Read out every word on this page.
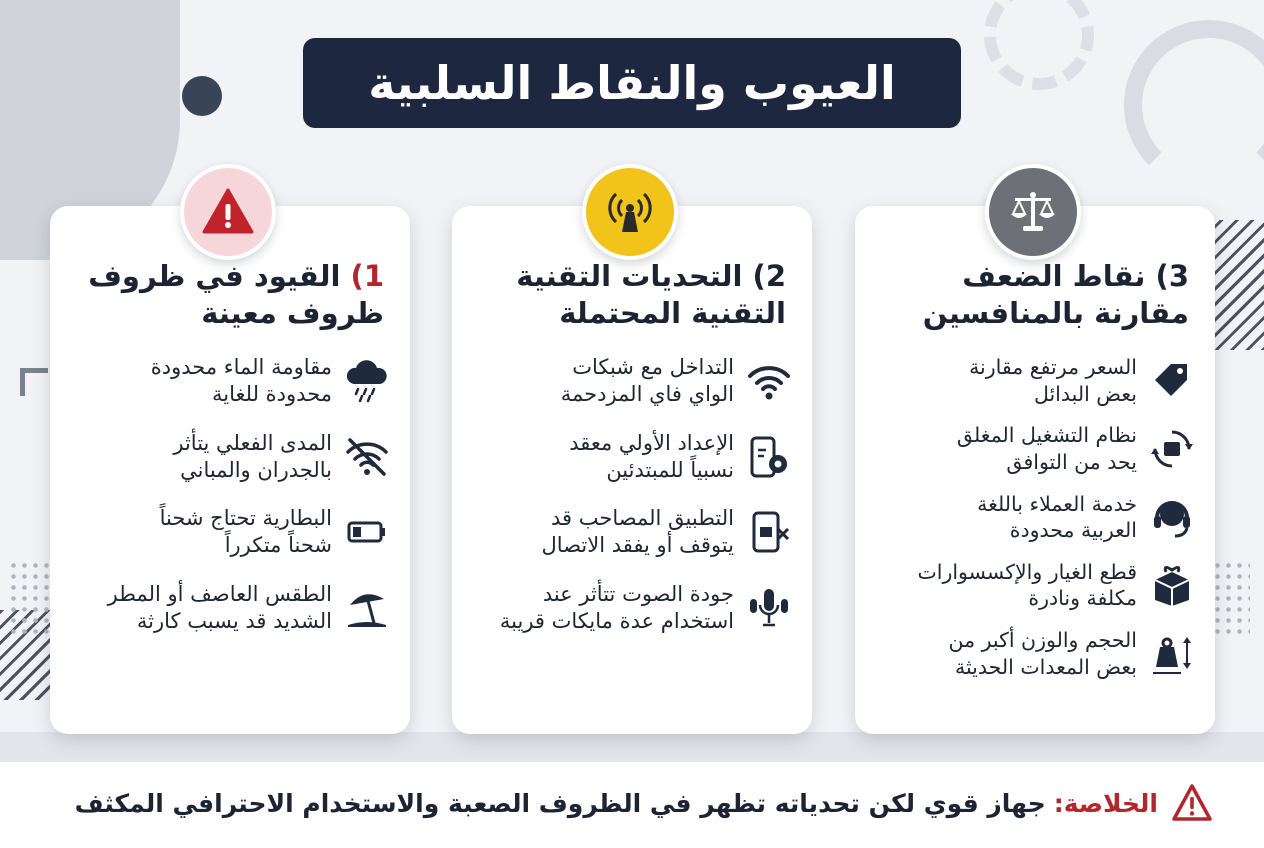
العيوب والنقاط السلبية
3) نقاط الضعف
مقارنة بالمنافسين
السعر مرتفع مقارنة
بعض البدائل
نظام التشغيل المغلق
يحد من التوافق
خدمة العملاء باللغة
العربية محدودة
قطع الغيار والإكسسوارات
مكلفة ونادرة
الحجم والوزن أكبر من
بعض المعدات الحديثة
2) التحديات التقنية
التقنية المحتملة
التداخل مع شبكات
الواي فاي المزدحمة
الإعداد الأولي معقد
نسبياً للمبتدئين
التطبيق المصاحب قد
يتوقف أو يفقد الاتصال
جودة الصوت تتأثر عند
استخدام عدة مايكات قريبة
1) القيود في ظروف
ظروف معينة
مقاومة الماء محدودة
محدودة للغاية
المدى الفعلي يتأثر
بالجدران والمباني
البطارية تحتاج شحناً
شحناً متكرراً
الطقس العاصف أو المطر
الشديد قد يسبب كارثة
الخلاصة:
جهاز قوي لكن تحدياته تظهر في الظروف الصعبة والاستخدام الاحترافي المكثف
